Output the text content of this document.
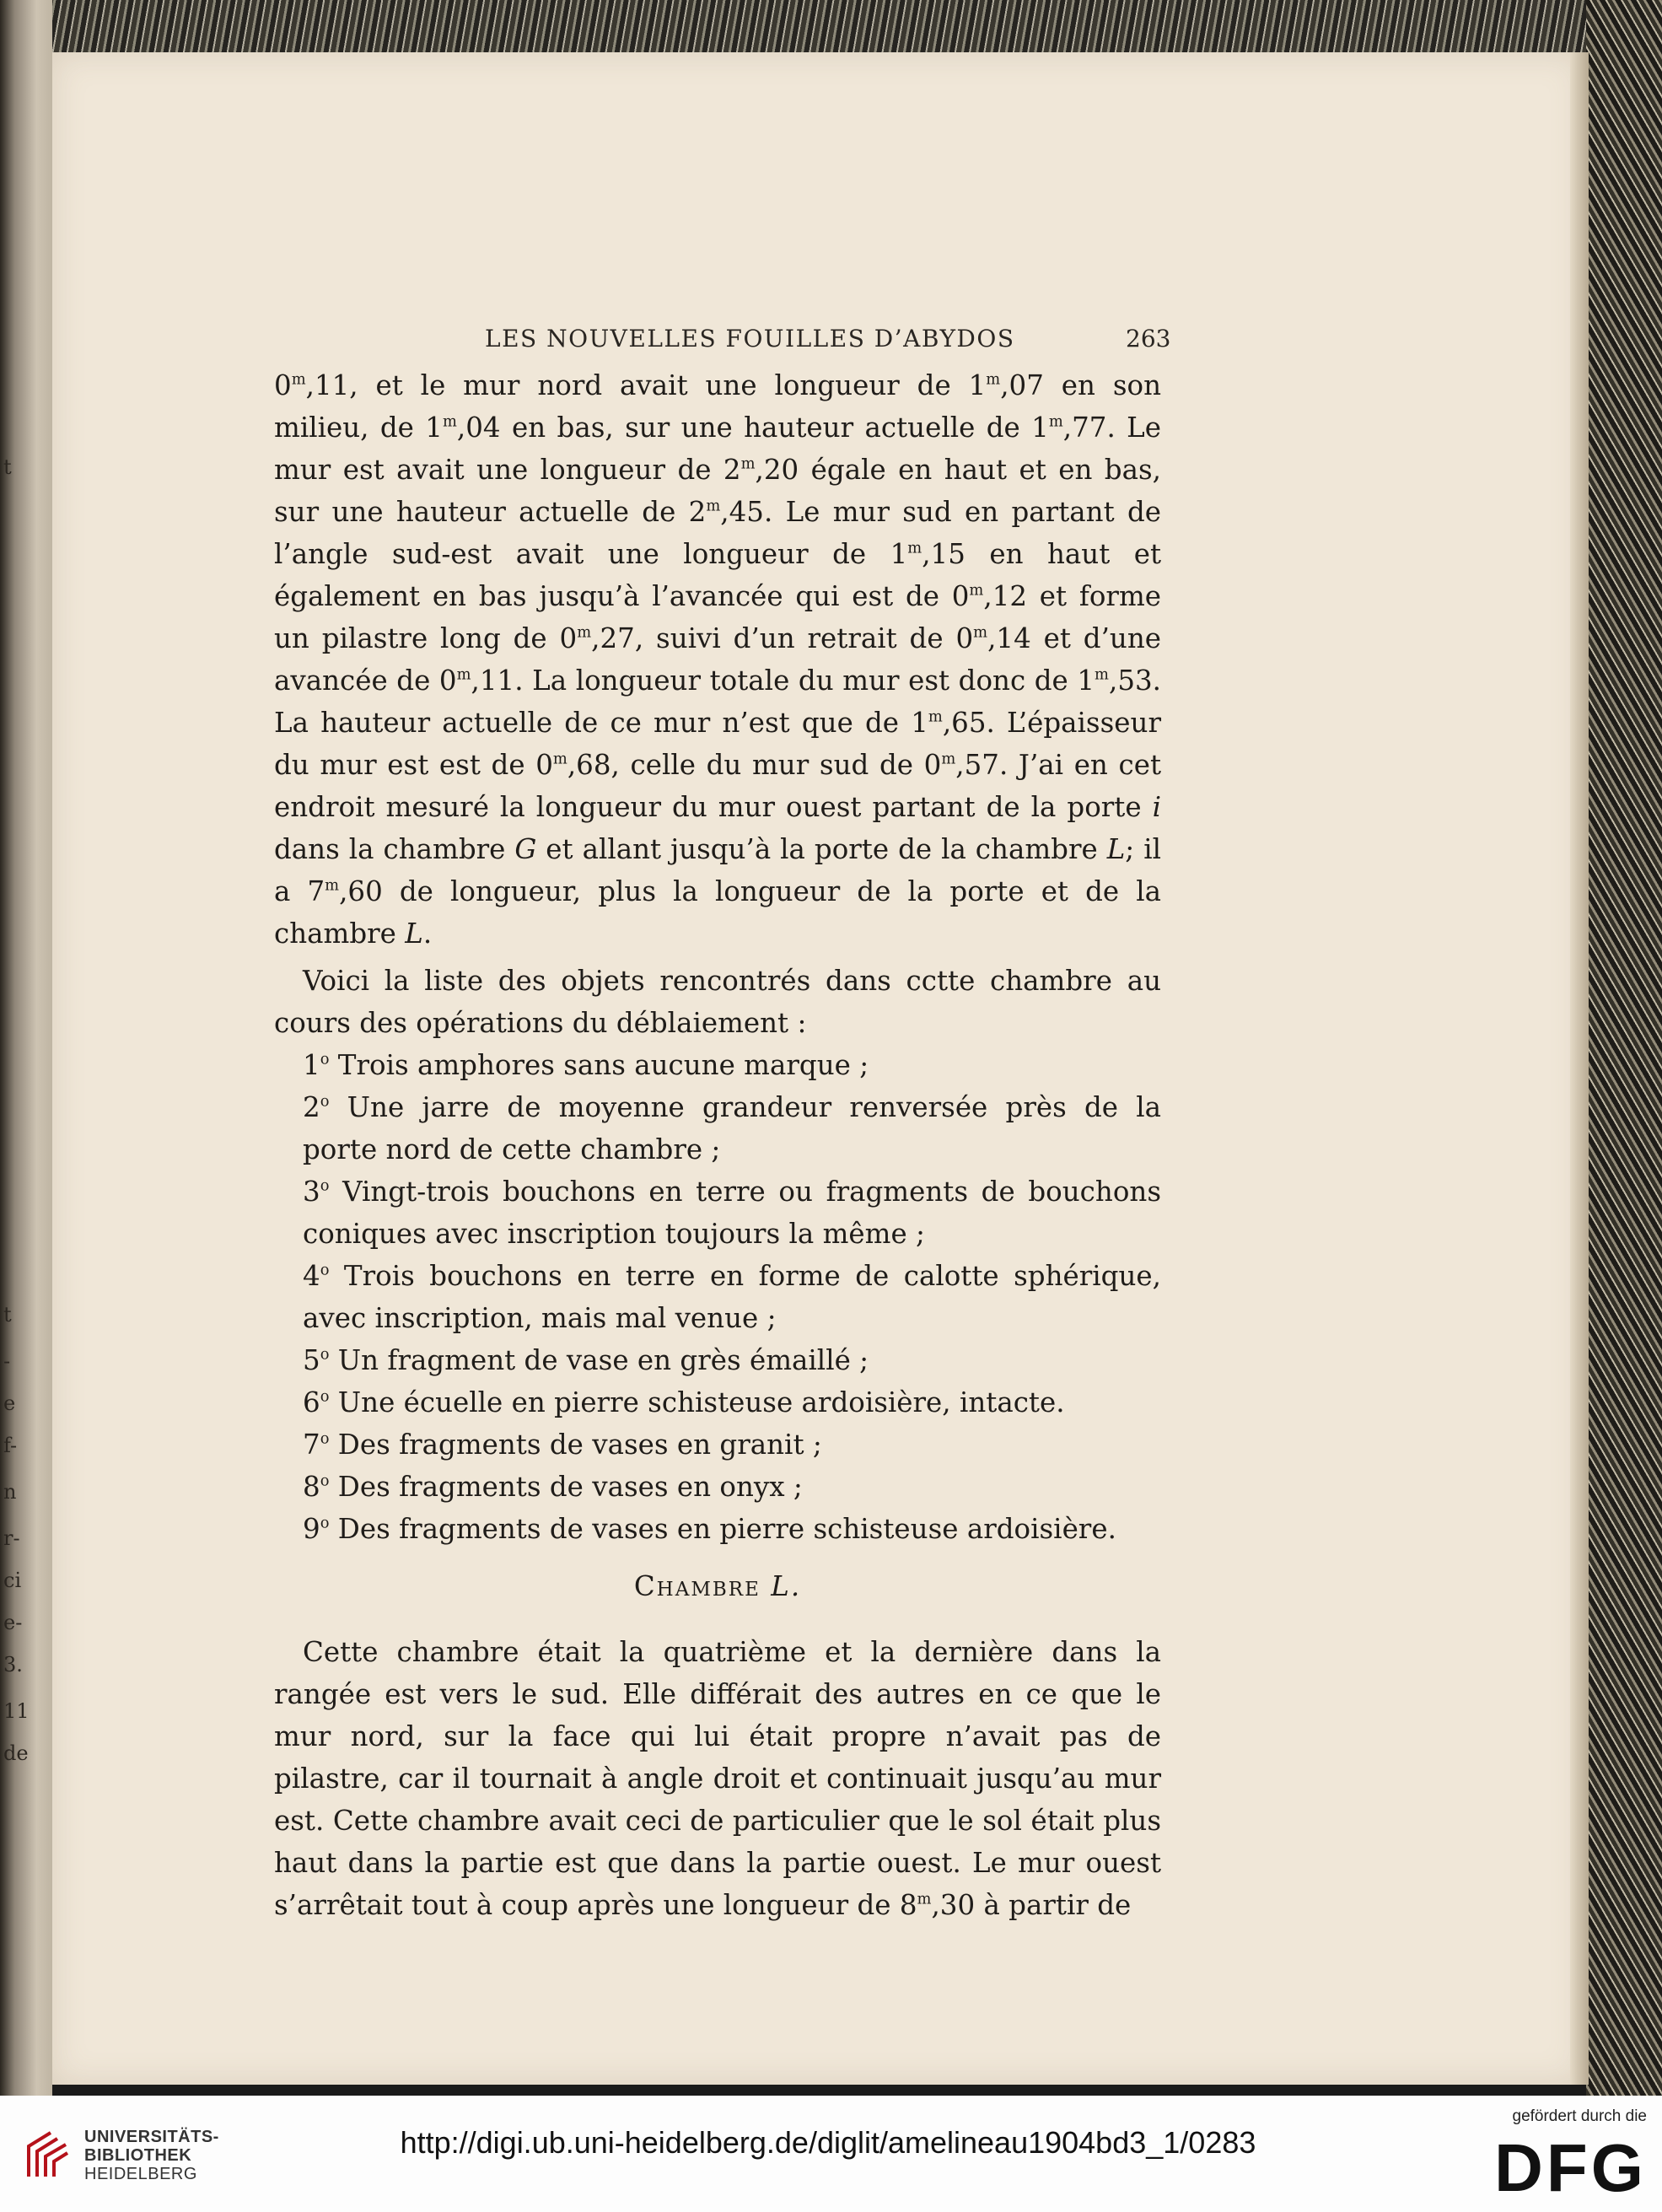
t
t
-
e
f-
n
r-
ci
e-
3.
11
de
LES NOUVELLES FOUILLES D’ABYDOS	263

0$^m$,11, et le mur nord avait une longueur de 1$^m$,07 en son milieu, de 1$^m$,04 en bas, sur une hauteur actuelle de 1$^m$,77. Le mur est avait une longueur de 2$^m$,20 égale en haut et en bas, sur une hauteur actuelle de 2$^m$,45. Le mur sud en partant de l’angle sud-est avait une longueur de 1$^m$,15 en haut et également en bas jusqu’à l’avancée qui est de 0$^m$,12 et forme un pilastre long de 0$^m$,27, suivi d’un retrait de 0$^m$,14 et d’une avancée de 0$^m$,11. La longueur totale du mur est donc de 1$^m$,53. La hauteur actuelle de ce mur n’est que de 1$^m$,65. L’épaisseur du mur est est de 0$^m$,68, celle du mur sud de 0$^m$,57. J’ai en cet endroit mesuré la longueur du mur ouest partant de la porte i dans la chambre G et allant jusqu’à la porte de la chambre L; il a 7$^m$,60 de longueur, plus la longueur de la porte et de la chambre L.

Voici la liste des objets rencontrés dans cctte chambre au cours des opérations du déblaiement :

1$^o$ Trois amphores sans aucune marque ;

2$^o$ Une jarre de moyenne grandeur renversée près de la porte nord de cette chambre ;

3$^o$ Vingt-trois bouchons en terre ou fragments de bouchons coniques avec inscription toujours la même ;

4$^o$ Trois bouchons en terre en forme de calotte sphérique, avec inscription, mais mal venue ;

5$^o$ Un fragment de vase en grès émaillé ;

6$^o$ Une écuelle en pierre schisteuse ardoisière, intacte.

7$^o$ Des fragments de vases en granit ;

8$^o$ Des fragments de vases en onyx ;

9$^o$ Des fragments de vases en pierre schisteuse ardoisière.

Chambre L.

Cette chambre était la quatrième et la dernière dans la rangée est vers le sud. Elle différait des autres en ce que le mur nord, sur la face qui lui était propre n’avait pas de pilastre, car il tournait à angle droit et continuait jusqu’au mur est. Cette chambre avait ceci de particulier que le sol était plus haut dans la partie est que dans la partie ouest. Le mur ouest s’arrêtait tout à coup après une longueur de 8$^m$,30 à partir de

UNIVERSITÄTS-
BIBLIOTHEK
HEIDELBERG
http://digi.ub.uni-heidelberg.de/diglit/amelineau1904bd3_1/0283
gefördert durch die
DFG
